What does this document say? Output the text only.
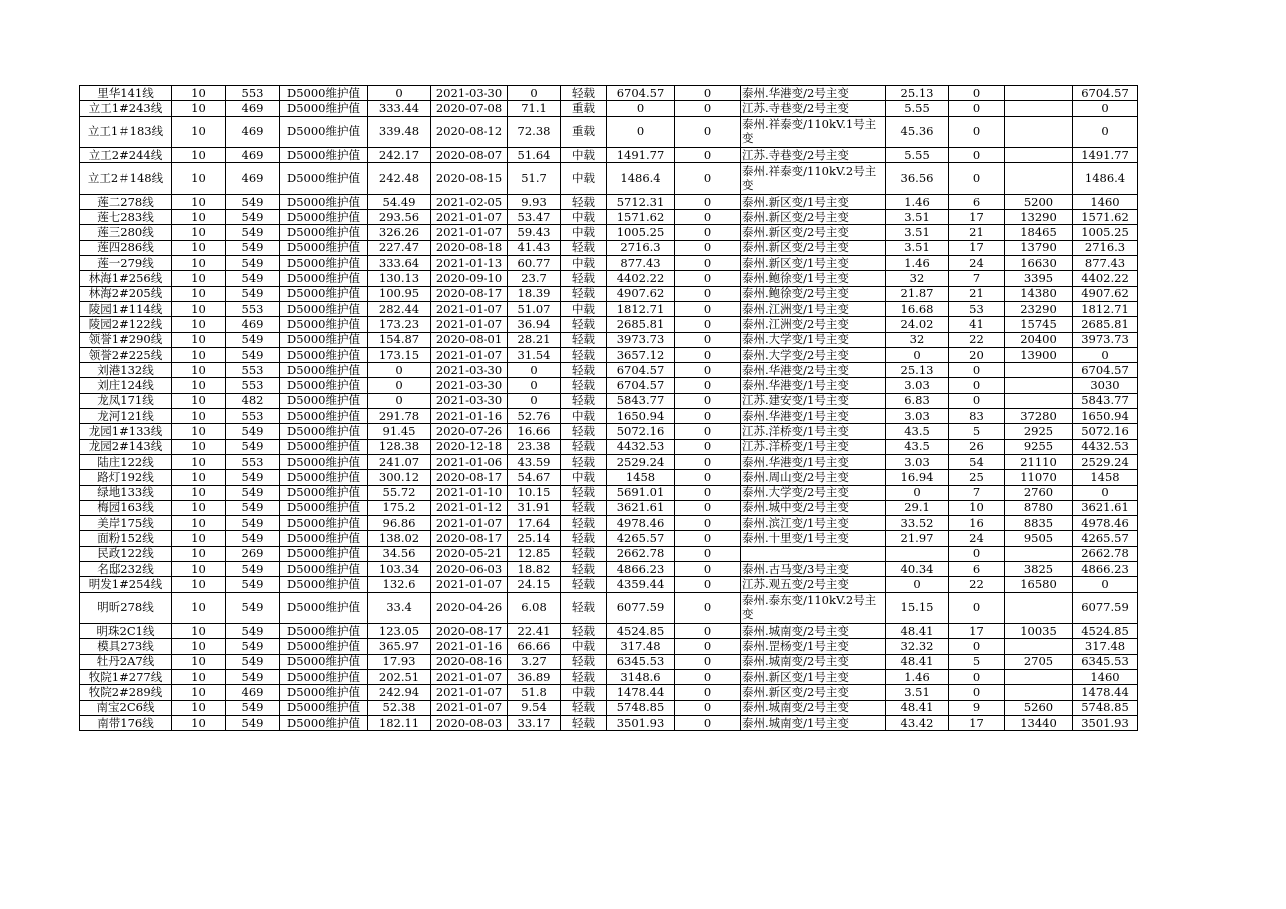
里华141线	10	553	D5000维护值	0	2021-03-30	0	轻载	6704.57	0	泰州.华港变/2号主变	25.13	0		6704.57
立工1#243线	10	469	D5000维护值	333.44	2020-07-08	71.1	重载	0	0	江苏.寺巷变/2号主变	5.55	0		0
立工1＃183线	10	469	D5000维护值	339.48	2020-08-12	72.38	重载	0	0	泰州.祥泰变/110kV.1号主变	45.36	0		0
立工2#244线	10	469	D5000维护值	242.17	2020-08-07	51.64	中载	1491.77	0	江苏.寺巷变/2号主变	5.55	0		1491.77
立工2＃148线	10	469	D5000维护值	242.48	2020-08-15	51.7	中载	1486.4	0	泰州.祥泰变/110kV.2号主变	36.56	0		1486.4
莲二278线	10	549	D5000维护值	54.49	2021-02-05	9.93	轻载	5712.31	0	泰州.新区变/1号主变	1.46	6	5200	1460
莲七283线	10	549	D5000维护值	293.56	2021-01-07	53.47	中载	1571.62	0	泰州.新区变/2号主变	3.51	17	13290	1571.62
莲三280线	10	549	D5000维护值	326.26	2021-01-07	59.43	中载	1005.25	0	泰州.新区变/2号主变	3.51	21	18465	1005.25
莲四286线	10	549	D5000维护值	227.47	2020-08-18	41.43	轻载	2716.3	0	泰州.新区变/2号主变	3.51	17	13790	2716.3
莲一279线	10	549	D5000维护值	333.64	2021-01-13	60.77	中载	877.43	0	泰州.新区变/1号主变	1.46	24	16630	877.43
林海1#256线	10	549	D5000维护值	130.13	2020-09-10	23.7	轻载	4402.22	0	泰州.鲍徐变/1号主变	32	7	3395	4402.22
林海2#205线	10	549	D5000维护值	100.95	2020-08-17	18.39	轻载	4907.62	0	泰州.鲍徐变/2号主变	21.87	21	14380	4907.62
陵园1#114线	10	553	D5000维护值	282.44	2021-01-07	51.07	中载	1812.71	0	泰州.江洲变/1号主变	16.68	53	23290	1812.71
陵园2#122线	10	469	D5000维护值	173.23	2021-01-07	36.94	轻载	2685.81	0	泰州.江洲变/2号主变	24.02	41	15745	2685.81
领誉1#290线	10	549	D5000维护值	154.87	2020-08-01	28.21	轻载	3973.73	0	泰州.大学变/1号主变	32	22	20400	3973.73
领誉2#225线	10	549	D5000维护值	173.15	2021-01-07	31.54	轻载	3657.12	0	泰州.大学变/2号主变	0	20	13900	0
刘港132线	10	553	D5000维护值	0	2021-03-30	0	轻载	6704.57	0	泰州.华港变/2号主变	25.13	0		6704.57
刘庄124线	10	553	D5000维护值	0	2021-03-30	0	轻载	6704.57	0	泰州.华港变/1号主变	3.03	0		3030
龙凤171线	10	482	D5000维护值	0	2021-03-30	0	轻载	5843.77	0	江苏.建安变/1号主变	6.83	0		5843.77
龙河121线	10	553	D5000维护值	291.78	2021-01-16	52.76	中载	1650.94	0	泰州.华港变/1号主变	3.03	83	37280	1650.94
龙园1#133线	10	549	D5000维护值	91.45	2020-07-26	16.66	轻载	5072.16	0	江苏.洋桥变/1号主变	43.5	5	2925	5072.16
龙园2#143线	10	549	D5000维护值	128.38	2020-12-18	23.38	轻载	4432.53	0	江苏.洋桥变/1号主变	43.5	26	9255	4432.53
陆庄122线	10	553	D5000维护值	241.07	2021-01-06	43.59	轻载	2529.24	0	泰州.华港变/1号主变	3.03	54	21110	2529.24
路灯192线	10	549	D5000维护值	300.12	2020-08-17	54.67	中载	1458	0	泰州.周山变/2号主变	16.94	25	11070	1458
绿地133线	10	549	D5000维护值	55.72	2021-01-10	10.15	轻载	5691.01	0	泰州.大学变/2号主变	0	7	2760	0
梅园163线	10	549	D5000维护值	175.2	2021-01-12	31.91	轻载	3621.61	0	泰州.城中变/2号主变	29.1	10	8780	3621.61
美岸175线	10	549	D5000维护值	96.86	2021-01-07	17.64	轻载	4978.46	0	泰州.滨江变/1号主变	33.52	16	8835	4978.46
面粉152线	10	549	D5000维护值	138.02	2020-08-17	25.14	轻载	4265.57	0	泰州.十里变/1号主变	21.97	24	9505	4265.57
民政122线	10	269	D5000维护值	34.56	2020-05-21	12.85	轻载	2662.78	0			0		2662.78
名邸232线	10	549	D5000维护值	103.34	2020-06-03	18.82	轻载	4866.23	0	泰州.古马变/3号主变	40.34	6	3825	4866.23
明发1#254线	10	549	D5000维护值	132.6	2021-01-07	24.15	轻载	4359.44	0	江苏.观五变/2号主变	0	22	16580	0
明昕278线	10	549	D5000维护值	33.4	2020-04-26	6.08	轻载	6077.59	0	泰州.泰东变/110kV.2号主变	15.15	0		6077.59
明珠2C1线	10	549	D5000维护值	123.05	2020-08-17	22.41	轻载	4524.85	0	泰州.城南变/2号主变	48.41	17	10035	4524.85
模具273线	10	549	D5000维护值	365.97	2021-01-16	66.66	中载	317.48	0	泰州.罡杨变/1号主变	32.32	0		317.48
牡丹2A7线	10	549	D5000维护值	17.93	2020-08-16	3.27	轻载	6345.53	0	泰州.城南变/2号主变	48.41	5	2705	6345.53
牧院1#277线	10	549	D5000维护值	202.51	2021-01-07	36.89	轻载	3148.6	0	泰州.新区变/1号主变	1.46	0		1460
牧院2#289线	10	469	D5000维护值	242.94	2021-01-07	51.8	中载	1478.44	0	泰州.新区变/2号主变	3.51	0		1478.44
南宝2C6线	10	549	D5000维护值	52.38	2021-01-07	9.54	轻载	5748.85	0	泰州.城南变/2号主变	48.41	9	5260	5748.85
南带176线	10	549	D5000维护值	182.11	2020-08-03	33.17	轻载	3501.93	0	泰州.城南变/1号主变	43.42	17	13440	3501.93
